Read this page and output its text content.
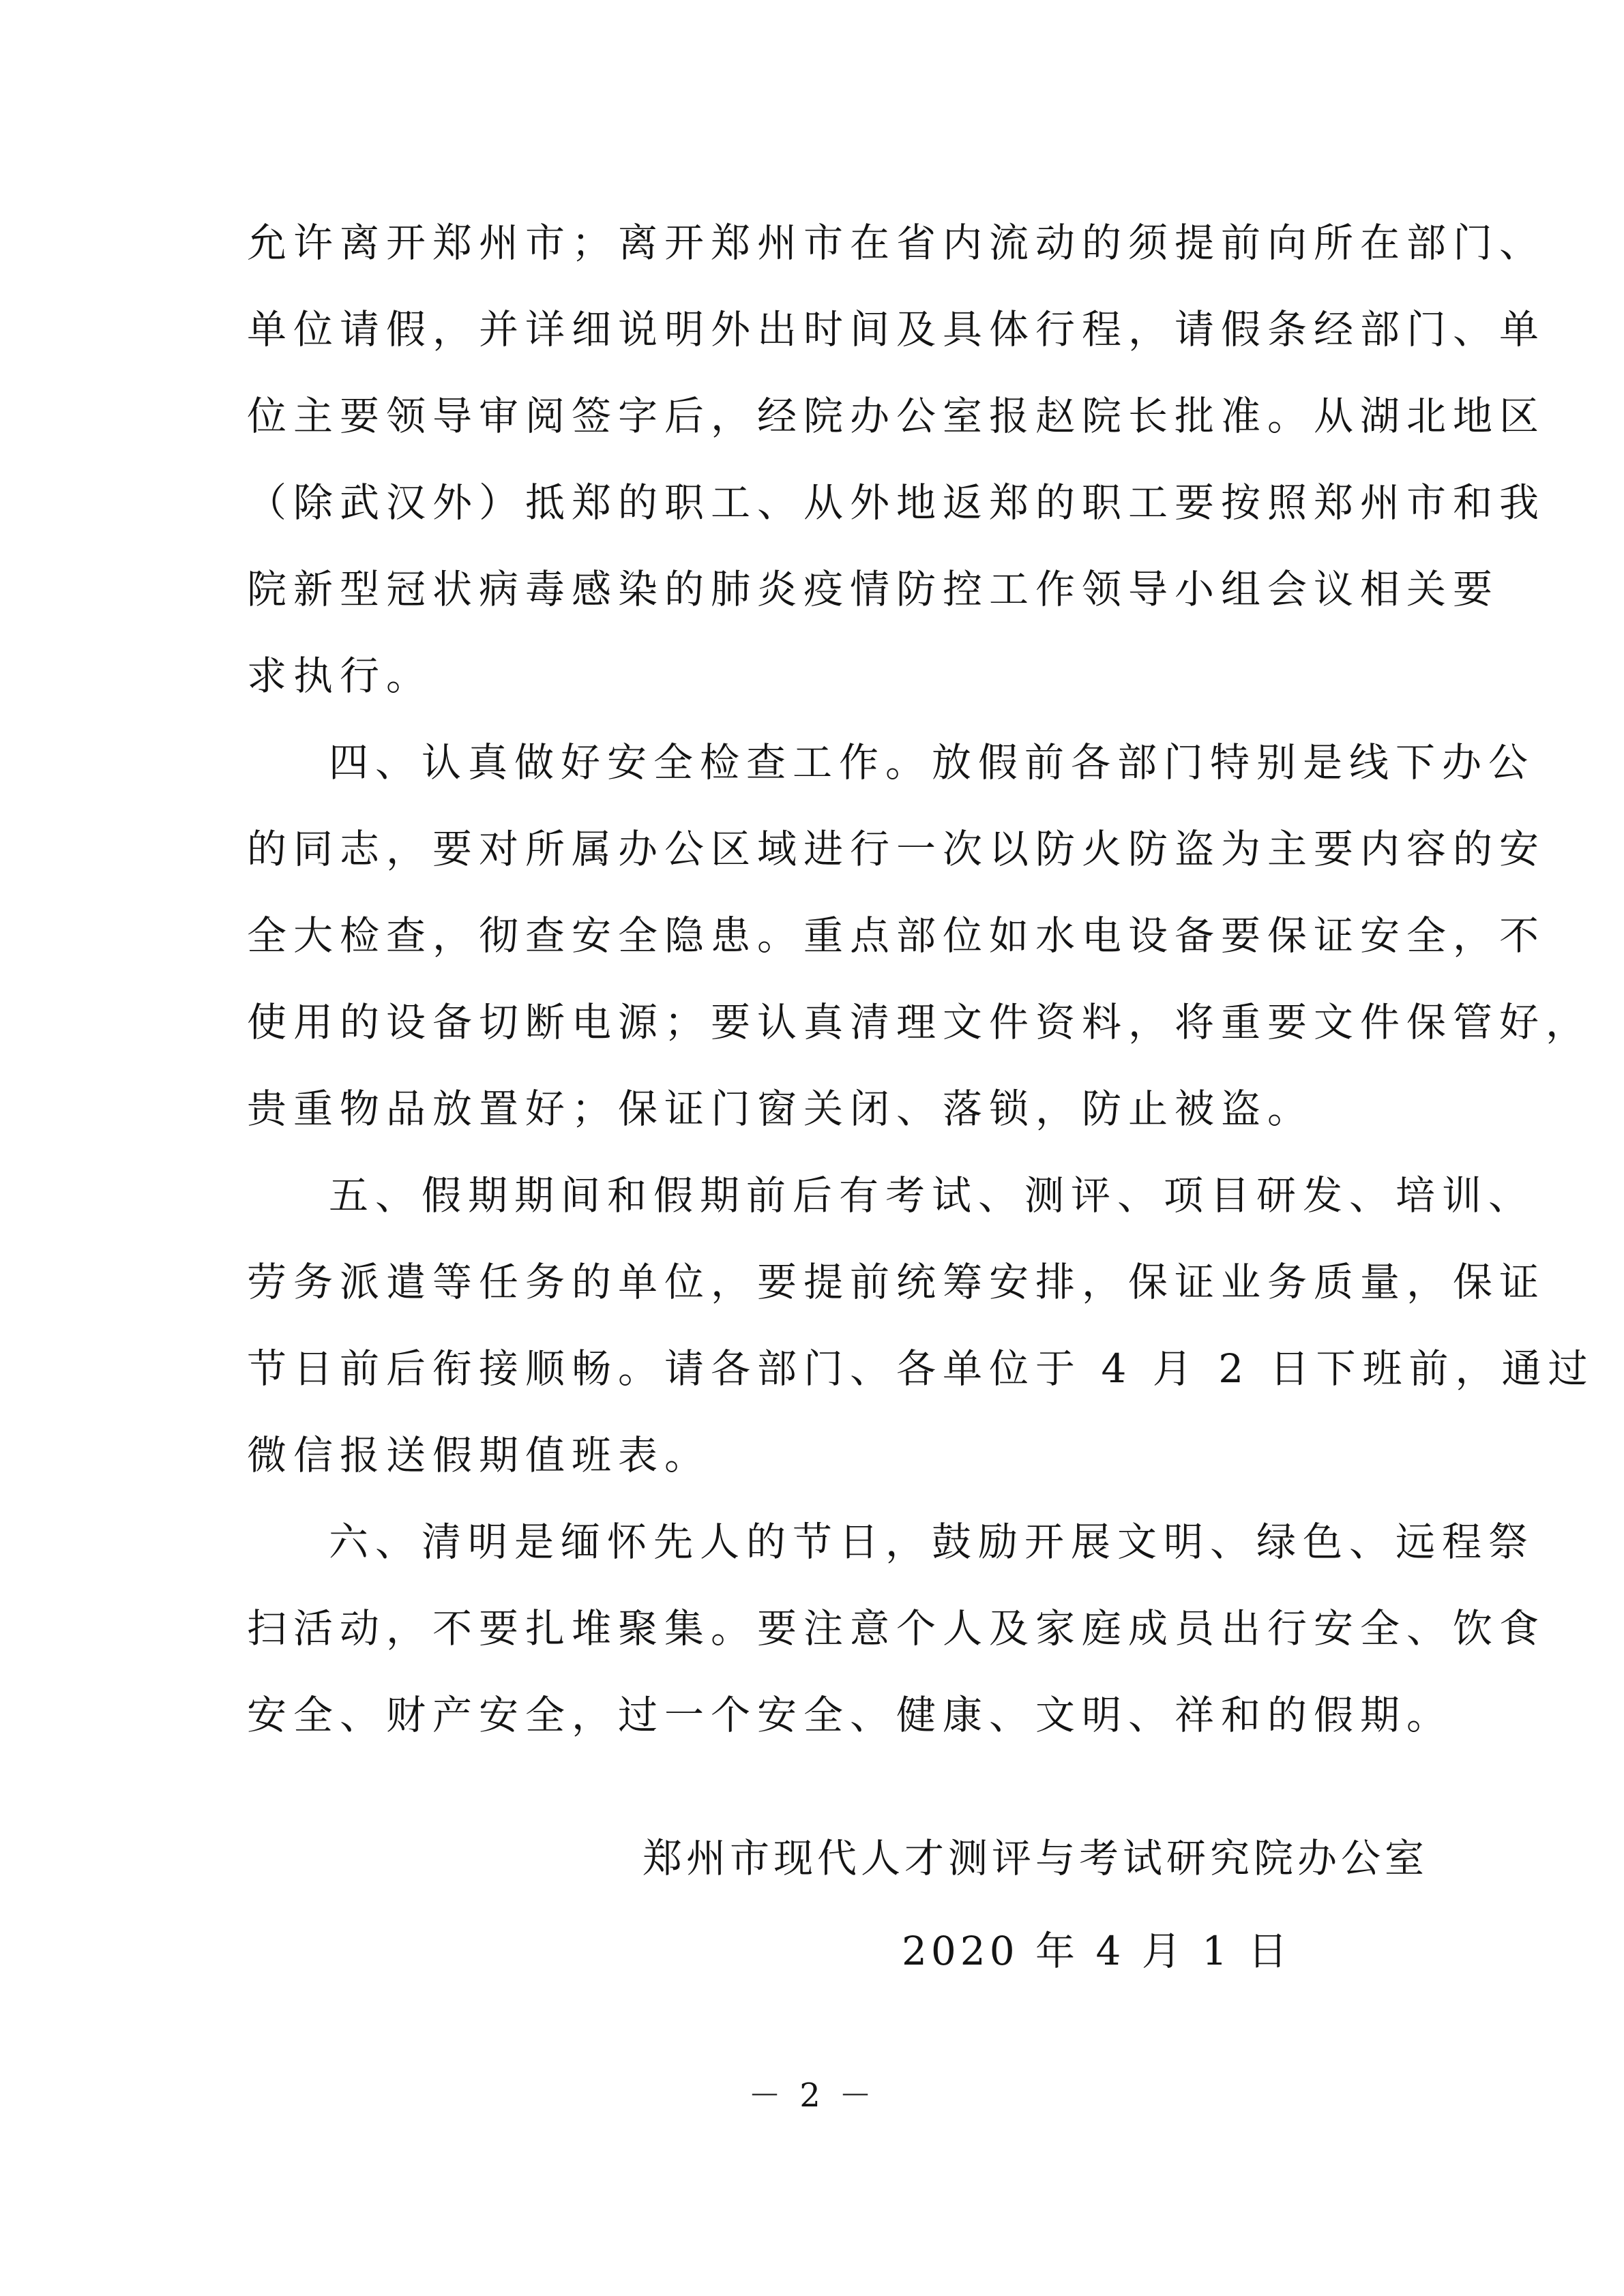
允许离开郑州市；离开郑州市在省内流动的须提前向所在部门、
单位请假，并详细说明外出时间及具体行程，请假条经部门、单
位主要领导审阅签字后，经院办公室报赵院长批准。从湖北地区
（除武汉外）抵郑的职工、从外地返郑的职工要按照郑州市和我
院新型冠状病毒感染的肺炎疫情防控工作领导小组会议相关要
求执行。
四、认真做好安全检查工作。放假前各部门特别是线下办公
的同志，要对所属办公区域进行一次以防火防盗为主要内容的安
全大检查，彻查安全隐患。重点部位如水电设备要保证安全，不
使用的设备切断电源；要认真清理文件资料，将重要文件保管好，
贵重物品放置好；保证门窗关闭、落锁，防止被盗。
五、假期期间和假期前后有考试、测评、项目研发、培训、
劳务派遣等任务的单位，要提前统筹安排，保证业务质量，保证
节日前后衔接顺畅。请各部门、各单位于 4 月 2 日下班前，通过
微信报送假期值班表。
六、清明是缅怀先人的节日，鼓励开展文明、绿色、远程祭
扫活动，不要扎堆聚集。要注意个人及家庭成员出行安全、饮食
安全、财产安全，过一个安全、健康、文明、祥和的假期。
郑州市现代人才测评与考试研究院办公室
2020 年 4 月 1 日
－ 2 －
